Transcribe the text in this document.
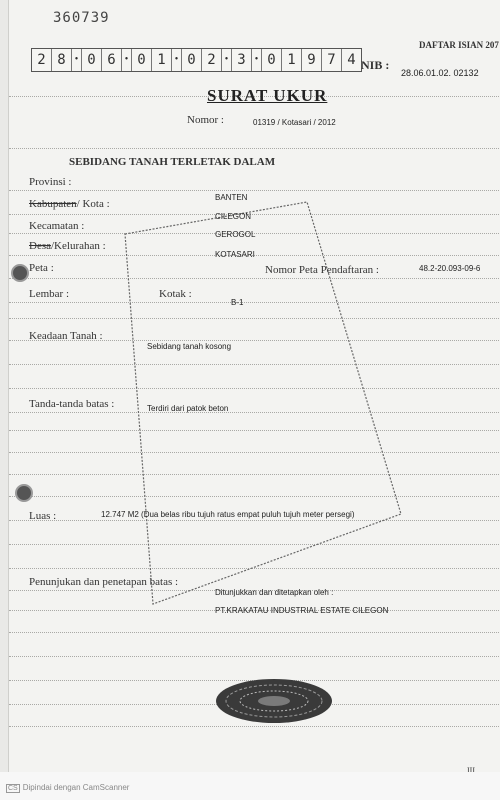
360739
DAFTAR ISIAN 207
2 8 • 0 6 • 0 1 • 0 2 • 3 • 0 1 9 7 4 NIB :
28.06.01.02. 02132
SURAT UKUR
Nomor :	01319 / Kotasari / 2012
SEBIDANG TANAH TERLETAK DALAM
Provinsi :
BANTEN
Kabupaten/ Kota :
CILEGON
Kecamatan :
GEROGOL
Desa/Kelurahan :
KOTASARI
Peta :	Nomor Peta Pendaftaran :	48.2-20.093-09-6
Lembar :	Kotak :
B-1
Keadaan Tanah :
Sebidang tanah kosong
Tanda-tanda batas :	Terdiri dari patok beton
Luas :	12.747 M2 (Dua belas ribu tujuh ratus empat puluh tujuh meter persegi)
Penunjukan dan penetapan batas :
Ditunjukkan dan ditetapkan oleh :
PT.KRAKATAU INDUSTRIAL ESTATE CILEGON
III
CS Dipindai dengan CamScanner
